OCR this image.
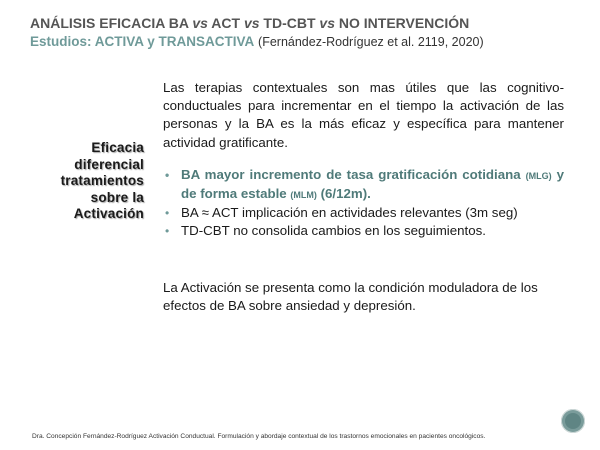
ANÁLISIS EFICACIA BA vs ACT vs TD-CBT vs NO INTERVENCIÓN
Estudios: ACTIVA y TRANSACTIVA (Fernández-Rodríguez et al. 2119, 2020)
Eficacia
diferencial
tratamientos
sobre la
Activación

Las terapias contextuales son mas útiles que las cognitivo-conductuales para incrementar en el tiempo la activación de las personas y la BA es la más eficaz y específica para mantener actividad gratificante.

• BA mayor incremento de tasa gratificación cotidiana (MLG) y de forma estable (MLM) (6/12m).
• BA ≈ ACT implicación en actividades relevantes (3m seg)
• TD-CBT no consolida cambios en los seguimientos.

La Activación se presenta como la condición moduladora de los efectos de BA sobre ansiedad y depresión.

Dra. Concepción Fernández-Rodríguez Activación Conductual. Formulación y abordaje contextual de los trastornos emocionales en pacientes oncológicos.
